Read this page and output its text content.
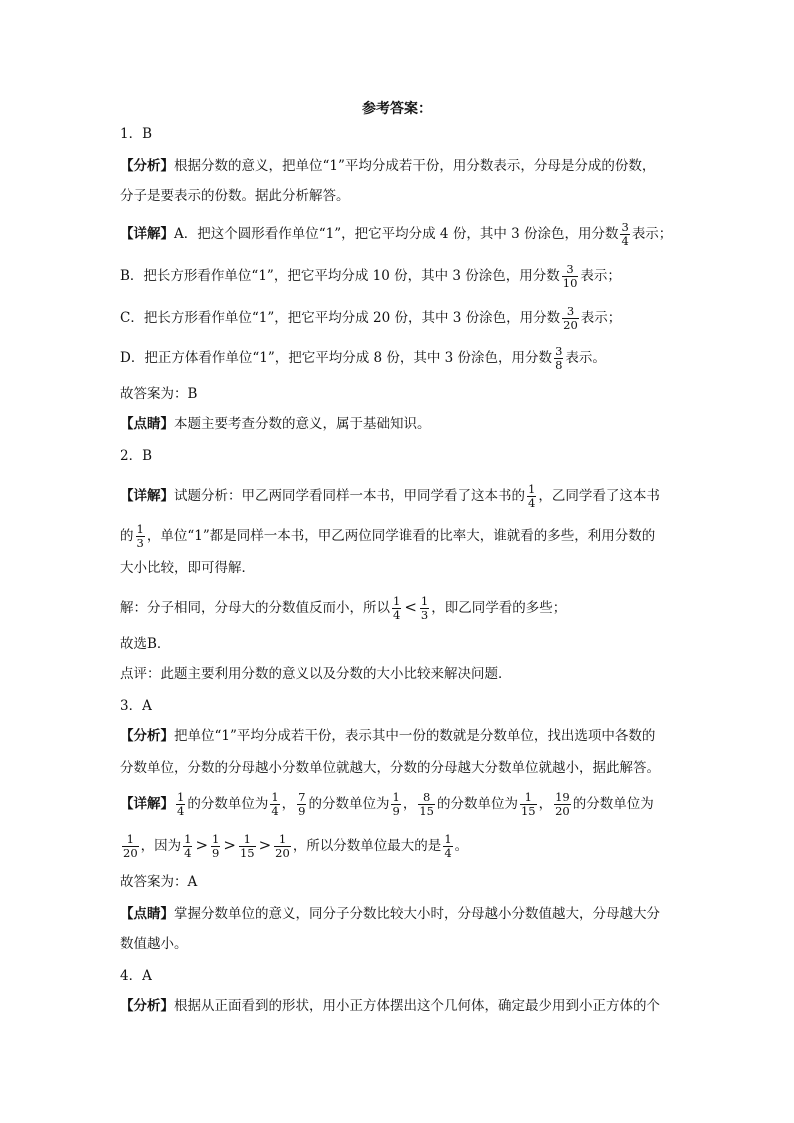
参考答案：
1．B
【分析】根据分数的意义，把单位“1”平均分成若干份，用分数表示，分母是分成的份数，
分子是要表示的份数。据此分析解答。
【详解】A．把这个圆形看作单位“1”，把它平均分成 4 份，其中 3 份涂色，用分数 $\frac{3}{4}$ 表示；
B．把长方形看作单位“1”，把它平均分成 10 份，其中 3 份涂色，用分数 $\frac{3}{10}$ 表示；
C．把长方形看作单位“1”，把它平均分成 20 份，其中 3 份涂色，用分数 $\frac{3}{20}$ 表示；
D．把正方体看作单位“1”，把它平均分成 8 份，其中 3 份涂色，用分数 $\frac{3}{8}$ 表示。
故答案为：B
【点睛】本题主要考查分数的意义，属于基础知识。
2．B
【详解】试题分析：甲乙两同学看同样一本书，甲同学看了这本书的 $\frac{1}{4}$ ，乙同学看了这本书
的 $\frac{1}{3}$ ，单位“1”都是同样一本书，甲乙两位同学谁看的比率大，谁就看的多些，利用分数的
大小比较，即可得解．
解：分子相同，分母大的分数值反而小，所以 $\frac{1}{4} < \frac{1}{3}$ ，即乙同学看的多些；
故选B．
点评：此题主要利用分数的意义以及分数的大小比较来解决问题．
3．A
【分析】把单位“1”平均分成若干份，表示其中一份的数就是分数单位，找出选项中各数的
分数单位，分数的分母越小分数单位就越大，分数的分母越大分数单位就越小，据此解答。
【详解】 $\frac{1}{4}$ 的分数单位为 $\frac{1}{4}$ ， $\frac{7}{9}$ 的分数单位为 $\frac{1}{9}$ ， $\frac{8}{15}$ 的分数单位为 $\frac{1}{15}$ ， $\frac{19}{20}$ 的分数单位为
$\frac{1}{20}$ ，因为 $\frac{1}{4} > \frac{1}{9} > \frac{1}{15} > \frac{1}{20}$ ，所以分数单位最大的是 $\frac{1}{4}$ 。
故答案为：A
【点睛】掌握分数单位的意义，同分子分数比较大小时，分母越小分数值越大，分母越大分
数值越小。
4．A
【分析】根据从正面看到的形状，用小正方体摆出这个几何体，确定最少用到小正方体的个
